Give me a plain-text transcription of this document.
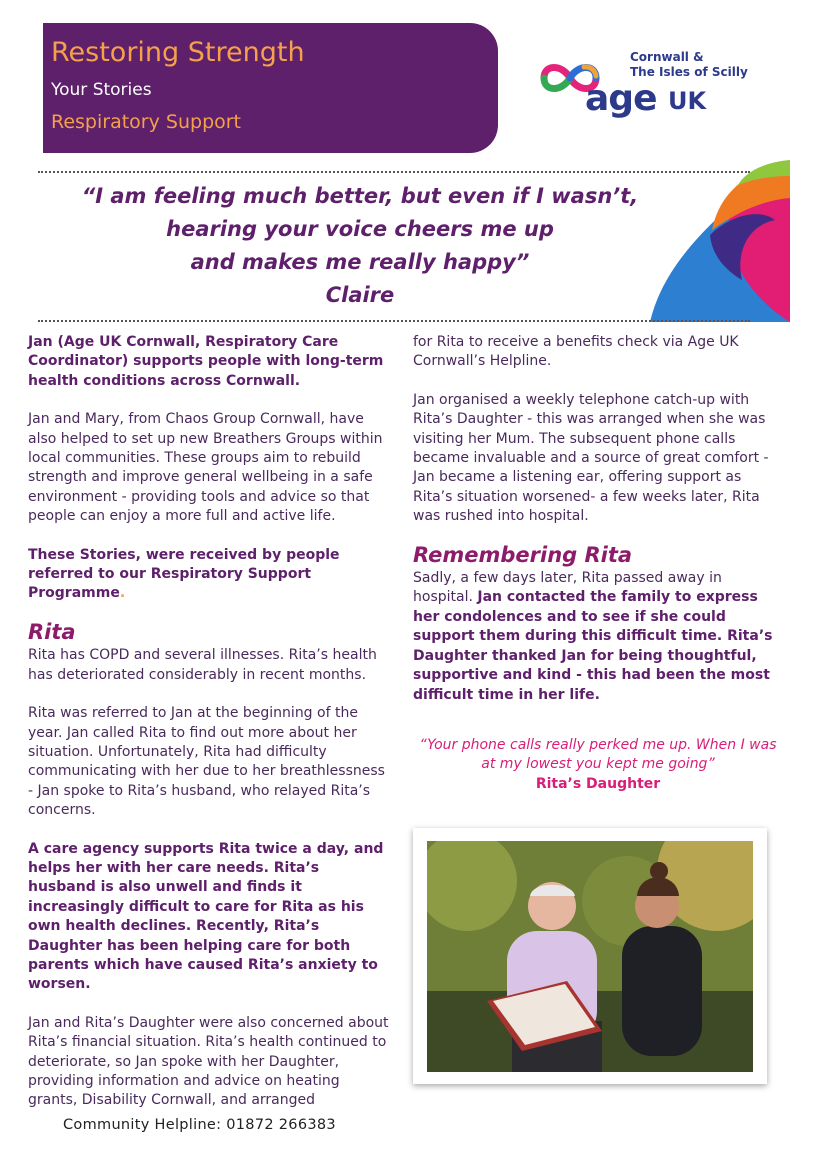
Restoring Strength
Your Stories
Respiratory Support
Cornwall &
The Isles of Scilly
age UK
“I am feeling much better, but even if I wasn’t,
hearing your voice cheers me up
and makes me really happy”
Claire

Jan (Age UK Cornwall, Respiratory Care Coordinator) supports people with long-term health conditions across Cornwall.

Jan and Mary, from Chaos Group Cornwall, have also helped to set up new Breathers Groups within local communities. These groups aim to rebuild strength and improve general wellbeing in a safe environment - providing tools and advice so that people can enjoy a more full and active life.

These Stories, were received by people referred to our Respiratory Support Programme.

Rita

Rita has COPD and several illnesses. Rita’s health has deteriorated considerably in recent months.

Rita was referred to Jan at the beginning of the year. Jan called Rita to find out more about her situation. Unfortunately, Rita had difficulty communicating with her due to her breathlessness - Jan spoke to Rita’s husband, who relayed Rita’s concerns.

A care agency supports Rita twice a day, and helps her with her care needs. Rita’s husband is also unwell and finds it increasingly difficult to care for Rita as his own health declines. Recently, Rita’s Daughter has been helping care for both parents which have caused Rita’s anxiety to worsen.

Jan and Rita’s Daughter were also concerned about Rita’s financial situation. Rita’s health continued to deteriorate, so Jan spoke with her Daughter, providing information and advice on heating grants, Disability Cornwall, and arranged

for Rita to receive a benefits check via Age UK Cornwall’s Helpline.

Jan organised a weekly telephone catch-up with Rita’s Daughter - this was arranged when she was visiting her Mum. The subsequent phone calls became invaluable and a source of great comfort - Jan became a listening ear, offering support as Rita’s situation worsened- a few weeks later, Rita was rushed into hospital.

Remembering Rita

Sadly, a few days later, Rita passed away in hospital. Jan contacted the family to express her condolences and to see if she could support them during this difficult time. Rita’s Daughter thanked Jan for being thoughtful, supportive and kind - this had been the most difficult time in her life.

“Your phone calls really perked me up. When I was
at my lowest you kept me going”
Rita’s Daughter
Community Helpline: 01872 266383
